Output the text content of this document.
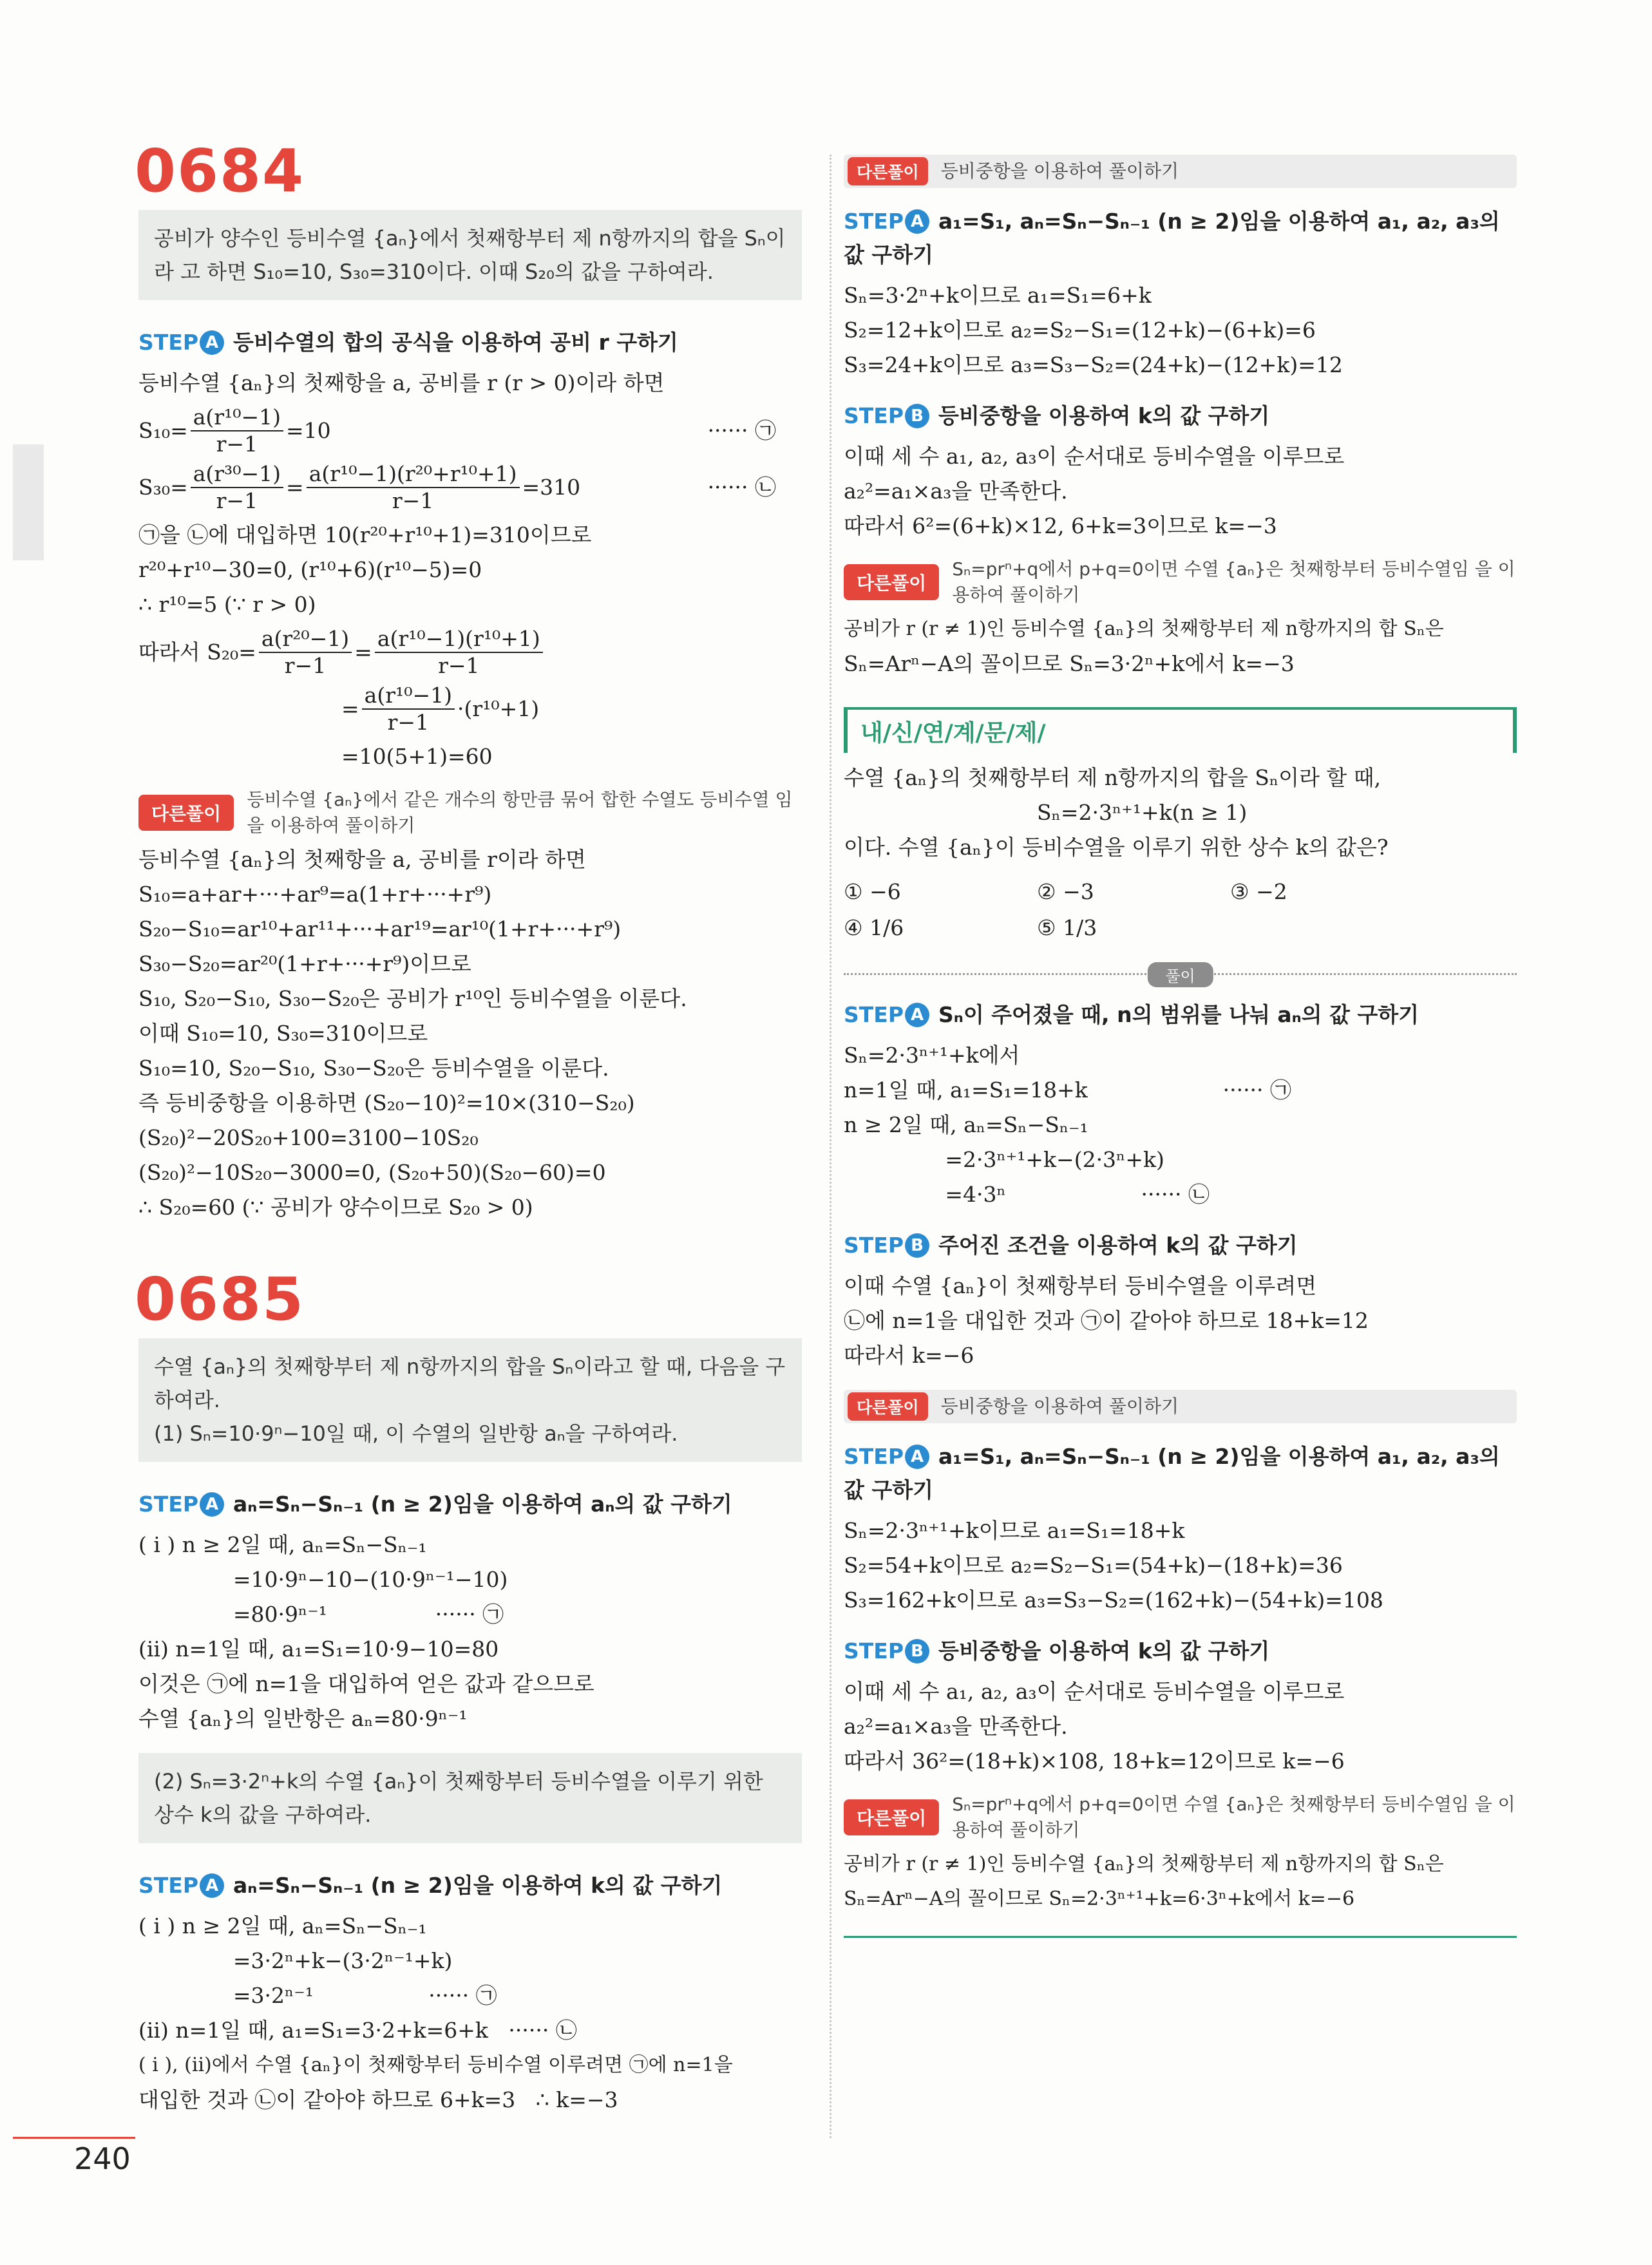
0684
공비가 양수인 등비수열 {aₙ}에서 첫째항부터 제 n항까지의 합을 Sₙ이라 고 하면 S₁₀=10, S₃₀=310이다. 이때 S₂₀의 값을 구하여라.
STEP A 등비수열의 합의 공식을 이용하여 공비 r 구하기
등비수열 {aₙ}의 첫째항을 a, 공비를 r (r > 0)이라 하면
$S_{10}= \frac{\text{a(r¹⁰−1)}}{r-1} =10$	······ ㉠
$S_{30}= \frac{\text{a(r³⁰−1)}}{r-1} = \frac{\text{a(r¹⁰−1)(r²⁰+r¹⁰+1)}}{r-1} =310$	······ ㉡
㉠을 ㉡에 대입하면 10(r²⁰+r¹⁰+1)=310이므로
r²⁰+r¹⁰−30=0, (r¹⁰+6)(r¹⁰−5)=0
∴ r¹⁰=5 (∵ r > 0)
따라서 $S_{20}= \frac{\text{a(r²⁰−1)}}{r-1} = \frac{\text{a(r¹⁰−1)(r¹⁰+1)}}{r-1}$
= $\frac{\text{a(r¹⁰−1)}}{r-1} \cdot(r^{10}+1)$
=10(5+1)=60
다른풀이
등비수열 {aₙ}에서 같은 개수의 항만큼 묶어 합한 수열도 등비수열 임을 이용하여 풀이하기
등비수열 {aₙ}의 첫째항을 a, 공비를 r이라 하면
S₁₀=a+ar+···+ar⁹=a(1+r+···+r⁹)
S₂₀−S₁₀=ar¹⁰+ar¹¹+···+ar¹⁹=ar¹⁰(1+r+···+r⁹)
S₃₀−S₂₀=ar²⁰(1+r+···+r⁹)이므로
S₁₀, S₂₀−S₁₀, S₃₀−S₂₀은 공비가 r¹⁰인 등비수열을 이룬다.
이때 S₁₀=10, S₃₀=310이므로
S₁₀=10, S₂₀−S₁₀, S₃₀−S₂₀은 등비수열을 이룬다.
즉 등비중항을 이용하면 (S₂₀−10)²=10×(310−S₂₀)
(S₂₀)²−20S₂₀+100=3100−10S₂₀
(S₂₀)²−10S₂₀−3000=0, (S₂₀+50)(S₂₀−60)=0
∴ S₂₀=60 (∵ 공비가 양수이므로 S₂₀ > 0)
0685
수열 {aₙ}의 첫째항부터 제 n항까지의 합을 Sₙ이라고 할 때, 다음을 구하여라.
(1) Sₙ=10·9ⁿ−10일 때, 이 수열의 일반항 aₙ을 구하여라.
STEP A aₙ=Sₙ−Sₙ₋₁ (n ≥ 2)임을 이용하여 aₙ의 값 구하기
( i ) n ≥ 2일 때, aₙ=Sₙ−Sₙ₋₁
=10·9ⁿ−10−(10·9ⁿ⁻¹−10)
=80·9ⁿ⁻¹                ······ ㉠
(ii) n=1일 때, a₁=S₁=10·9−10=80
이것은 ㉠에 n=1을 대입하여 얻은 값과 같으므로
수열 {aₙ}의 일반항은 aₙ=80·9ⁿ⁻¹
(2) Sₙ=3·2ⁿ+k의 수열 {aₙ}이 첫째항부터 등비수열을 이루기 위한 상수 k의 값을 구하여라.
STEP A aₙ=Sₙ−Sₙ₋₁ (n ≥ 2)임을 이용하여 k의 값 구하기
( i ) n ≥ 2일 때, aₙ=Sₙ−Sₙ₋₁
=3·2ⁿ+k−(3·2ⁿ⁻¹+k)
=3·2ⁿ⁻¹                 ······ ㉠
(ii) n=1일 때, a₁=S₁=3·2+k=6+k   ······ ㉡
( i ), (ii)에서 수열 {aₙ}이 첫째항부터 등비수열 이루려면 ㉠에 n=1을
대입한 것과 ㉡이 같아야 하므로 6+k=3   ∴ k=−3
다른풀이	등비중항을 이용하여 풀이하기
STEP A a₁=S₁, aₙ=Sₙ−Sₙ₋₁ (n ≥ 2)임을 이용하여 a₁, a₂, a₃의 값 구하기
Sₙ=3·2ⁿ+k이므로 a₁=S₁=6+k
S₂=12+k이므로 a₂=S₂−S₁=(12+k)−(6+k)=6
S₃=24+k이므로 a₃=S₃−S₂=(24+k)−(12+k)=12
STEP B 등비중항을 이용하여 k의 값 구하기
이때 세 수 a₁, a₂, a₃이 순서대로 등비수열을 이루므로
a₂²=a₁×a₃을 만족한다.
따라서 6²=(6+k)×12, 6+k=3이므로 k=−3
다른풀이
Sₙ=prⁿ+q에서 p+q=0이면 수열 {aₙ}은 첫째항부터 등비수열임 을 이용하여 풀이하기
공비가 r (r ≠ 1)인 등비수열 {aₙ}의 첫째항부터 제 n항까지의 합 Sₙ은
Sₙ=Arⁿ−A의 꼴이므로 Sₙ=3·2ⁿ+k에서 k=−3
내/신/연/계/문/제/
수열 {aₙ}의 첫째항부터 제 n항까지의 합을 Sₙ이라 할 때,
Sₙ=2·3ⁿ⁺¹+k(n ≥ 1)
이다. 수열 {aₙ}이 등비수열을 이루기 위한 상수 k의 값은?
① −6	② −3	③ −2
④ 1/6	⑤ 1/3
풀이
STEP A Sₙ이 주어졌을 때, n의 범위를 나눠 aₙ의 값 구하기
Sₙ=2·3ⁿ⁺¹+k에서
n=1일 때, a₁=S₁=18+k                    ······ ㉠
n ≥ 2일 때, aₙ=Sₙ−Sₙ₋₁
=2·3ⁿ⁺¹+k−(2·3ⁿ+k)
=4·3ⁿ                    ······ ㉡
STEP B 주어진 조건을 이용하여 k의 값 구하기
이때 수열 {aₙ}이 첫째항부터 등비수열을 이루려면
㉡에 n=1을 대입한 것과 ㉠이 같아야 하므로 18+k=12
따라서 k=−6
다른풀이	등비중항을 이용하여 풀이하기
STEP A a₁=S₁, aₙ=Sₙ−Sₙ₋₁ (n ≥ 2)임을 이용하여 a₁, a₂, a₃의 값 구하기
Sₙ=2·3ⁿ⁺¹+k이므로 a₁=S₁=18+k
S₂=54+k이므로 a₂=S₂−S₁=(54+k)−(18+k)=36
S₃=162+k이므로 a₃=S₃−S₂=(162+k)−(54+k)=108
STEP B 등비중항을 이용하여 k의 값 구하기
이때 세 수 a₁, a₂, a₃이 순서대로 등비수열을 이루므로
a₂²=a₁×a₃을 만족한다.
따라서 36²=(18+k)×108, 18+k=12이므로 k=−6
다른풀이
Sₙ=prⁿ+q에서 p+q=0이면 수열 {aₙ}은 첫째항부터 등비수열임 을 이용하여 풀이하기
공비가 r (r ≠ 1)인 등비수열 {aₙ}의 첫째항부터 제 n항까지의 합 Sₙ은
Sₙ=Arⁿ−A의 꼴이므로 Sₙ=2·3ⁿ⁺¹+k=6·3ⁿ+k에서 k=−6
240
